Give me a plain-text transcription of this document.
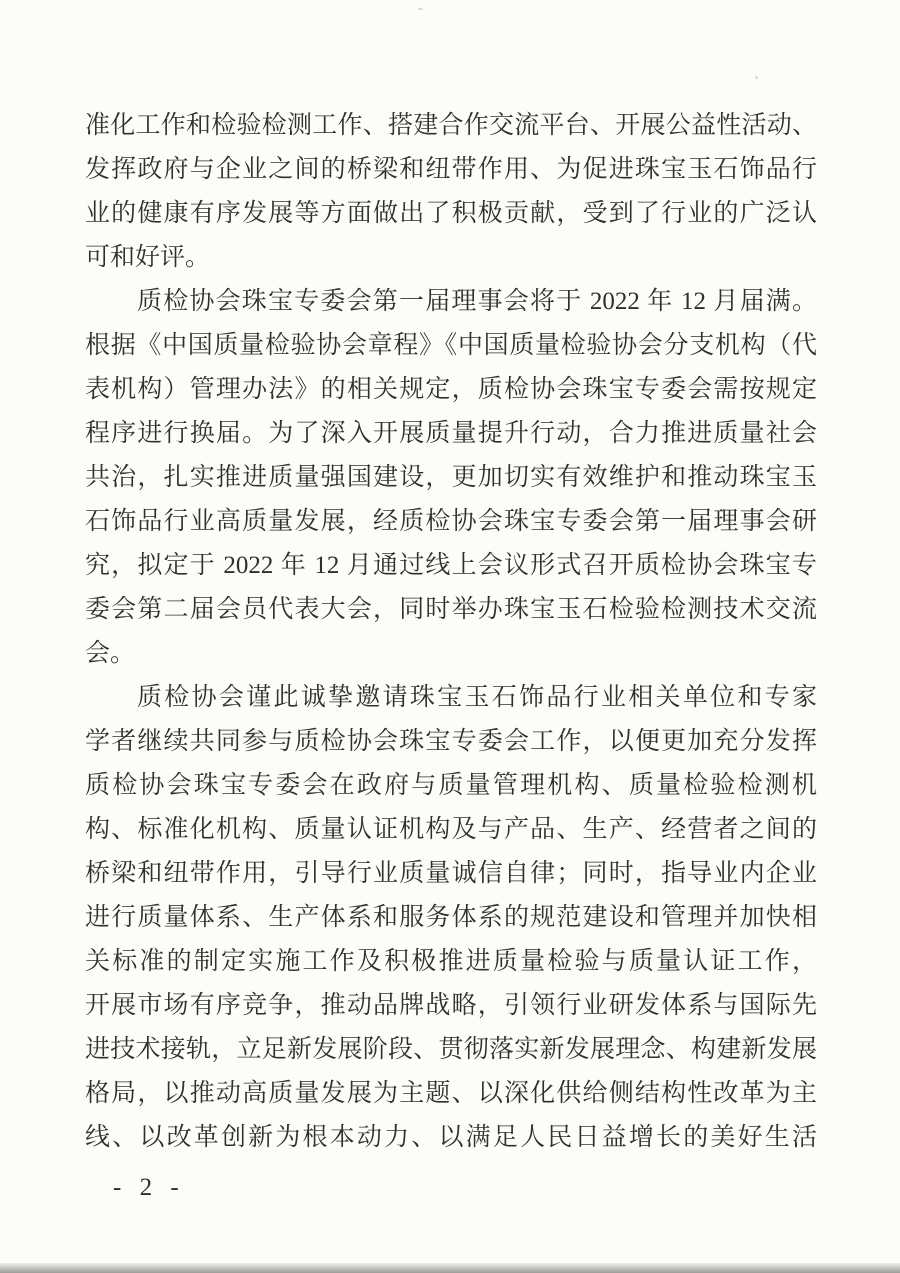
准化工作和检验检测工作、搭建合作交流平台、开展公益性活动、
发挥政府与企业之间的桥梁和纽带作用、为促进珠宝玉石饰品行
业的健康有序发展等方面做出了积极贡献，受到了行业的广泛认
可和好评。
质检协会珠宝专委会第一届理事会将于 2022 年 12 月届满。
根据《中国质量检验协会章程》《中国质量检验协会分支机构（代
表机构）管理办法》的相关规定，质检协会珠宝专委会需按规定
程序进行换届。为了深入开展质量提升行动，合力推进质量社会
共治，扎实推进质量强国建设，更加切实有效维护和推动珠宝玉
石饰品行业高质量发展，经质检协会珠宝专委会第一届理事会研
究，拟定于 2022 年 12 月通过线上会议形式召开质检协会珠宝专
委会第二届会员代表大会，同时举办珠宝玉石检验检测技术交流
会。
质检协会谨此诚挚邀请珠宝玉石饰品行业相关单位和专家
学者继续共同参与质检协会珠宝专委会工作，以便更加充分发挥
质检协会珠宝专委会在政府与质量管理机构、质量检验检测机
构、标准化机构、质量认证机构及与产品、生产、经营者之间的
桥梁和纽带作用，引导行业质量诚信自律；同时，指导业内企业
进行质量体系、生产体系和服务体系的规范建设和管理并加快相
关标准的制定实施工作及积极推进质量检验与质量认证工作，
开展市场有序竞争，推动品牌战略，引领行业研发体系与国际先
进技术接轨，立足新发展阶段、贯彻落实新发展理念、构建新发展
格局，以推动高质量发展为主题、以深化供给侧结构性改革为主
线、以改革创新为根本动力、以满足人民日益增长的美好生活
- 2 -
